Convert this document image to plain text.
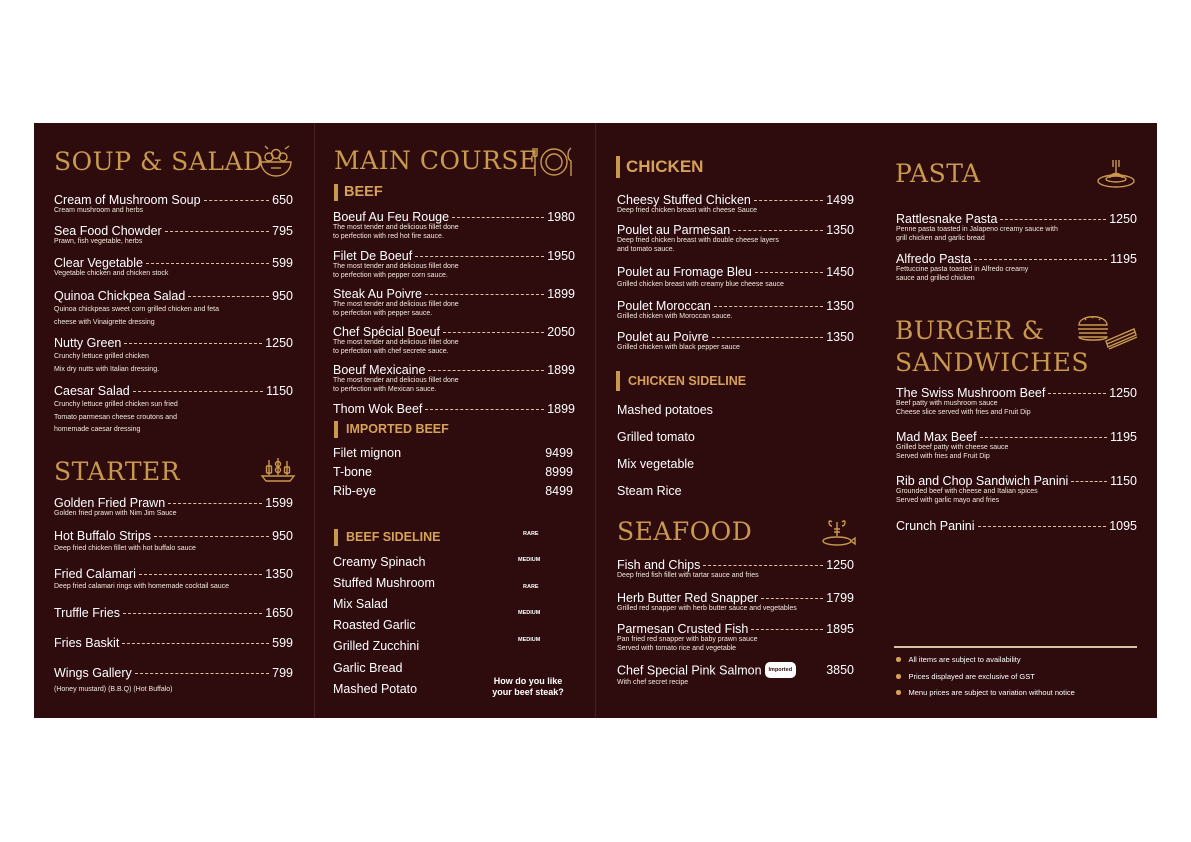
SOUP & SALAD
Cream of Mushroom Soup	650
Cream mushroom and herbs
Sea Food Chowder	795
Prawn, fish vegetable, herbs
Clear Vegetable	599
Vegetable chicken and chicken stock
Quinoa Chickpea Salad	950
Quinoa chickpeas sweet corn grilled chicken and feta
cheese with Vinaigrette dressing
Nutty Green	1250
Crunchy lettuce grilled chicken
Mix dry nutts with Italian dressing.
Caesar Salad	1150
Crunchy lettuce grilled chicken sun fried
Tomato parmesan cheese croutons and
homemade caesar dressing
STARTER
Golden Fried Prawn	1599
Golden fried prawn with Nim Jim Sauce
Hot Buffalo Strips	950
Deep fried chicken fillet with hot buffalo sauce
Fried Calamari	1350
Deep fried calamari rings with homemade cocktail sauce
Truffle Fries	1650
Fries Baskit	599
Wings Gallery	799
(Honey mustard) (B.B.Q) (Hot Buffalo)
MAIN COURSE
BEEF
Boeuf Au Feu Rouge	1980
The most tender and delicious fillet done
to perfection with red hot fire sauce.
Filet De Boeuf	1950
The most tender and delicious fillet done
to perfection with pepper corn sauce.
Steak Au Poivre	1899
The most tender and delicious fillet done
to perfection with pepper sauce.
Chef Spécial Boeuf	2050
The most tender and delicious fillet done
to perfection with chef secrete sauce.
Boeuf Mexicaine	1899
The most tender and delicious fillet done
to perfection with Mexican sauce.
Thom Wok Beef	1899
IMPORTED BEEF
Filet mignon	9499
T-bone	8999
Rib-eye	8499
BEEF SIDELINE
Creamy Spinach
Stuffed Mushroom
Mix Salad
Roasted Garlic
Grilled Zucchini
Garlic Bread
Mashed Potato
RARE
MEDIUM
RARE
MEDIUM
MEDIUM
How do you like
your beef steak?
CHICKEN
Cheesy Stuffed Chicken	1499
Deep fried chicken breast with cheese Sauce
Poulet au Parmesan	1350
Deep fried chicken breast with double cheese layers
and tomato sauce.
Poulet au Fromage Bleu	1450
Grilled chicken breast with creamy blue cheese sauce
Poulet Moroccan	1350
Grilled chicken with Moroccan sauce.
Poulet au Poivre	1350
Grilled chicken with black pepper sauce
CHICKEN SIDELINE
Mashed potatoes
Grilled tomato
Mix vegetable
Steam Rice
SEAFOOD
Fish and Chips	1250
Deep fried fish fillet with tartar sauce and fries
Herb Butter Red Snapper	1799
Grilled red snapper with herb butter sauce and vegetables
Parmesan Crusted Fish	1895
Pan fried red snapper with baby prawn sauce
Served with tomato rice and vegetable
Chef Special Pink Salmon Imported	3850
With chef secret recipe
PASTA
Rattlesnake Pasta	1250
Penne pasta toasted in Jalapeno creamy sauce with
grill chicken and garlic bread
Alfredo Pasta	1195
Fettuccine pasta toasted in Alfredo creamy
sauce and grilled chicken
BURGER &
SANDWICHES
The Swiss Mushroom Beef	1250
Beef patty with mushroom sauce
Cheese slice served with fries and Fruit Dip
Mad Max Beef	1195
Grilled beef patty with cheese sauce
Served with fries and Fruit Dip
Rib and Chop Sandwich Panini	1150
Grounded beef with cheese and Italian spices
Served with garlic mayo and fries
Crunch Panini	1095
All items are subject to availability
Prices displayed are exclusive of GST
Menu prices are subject to variation without notice
